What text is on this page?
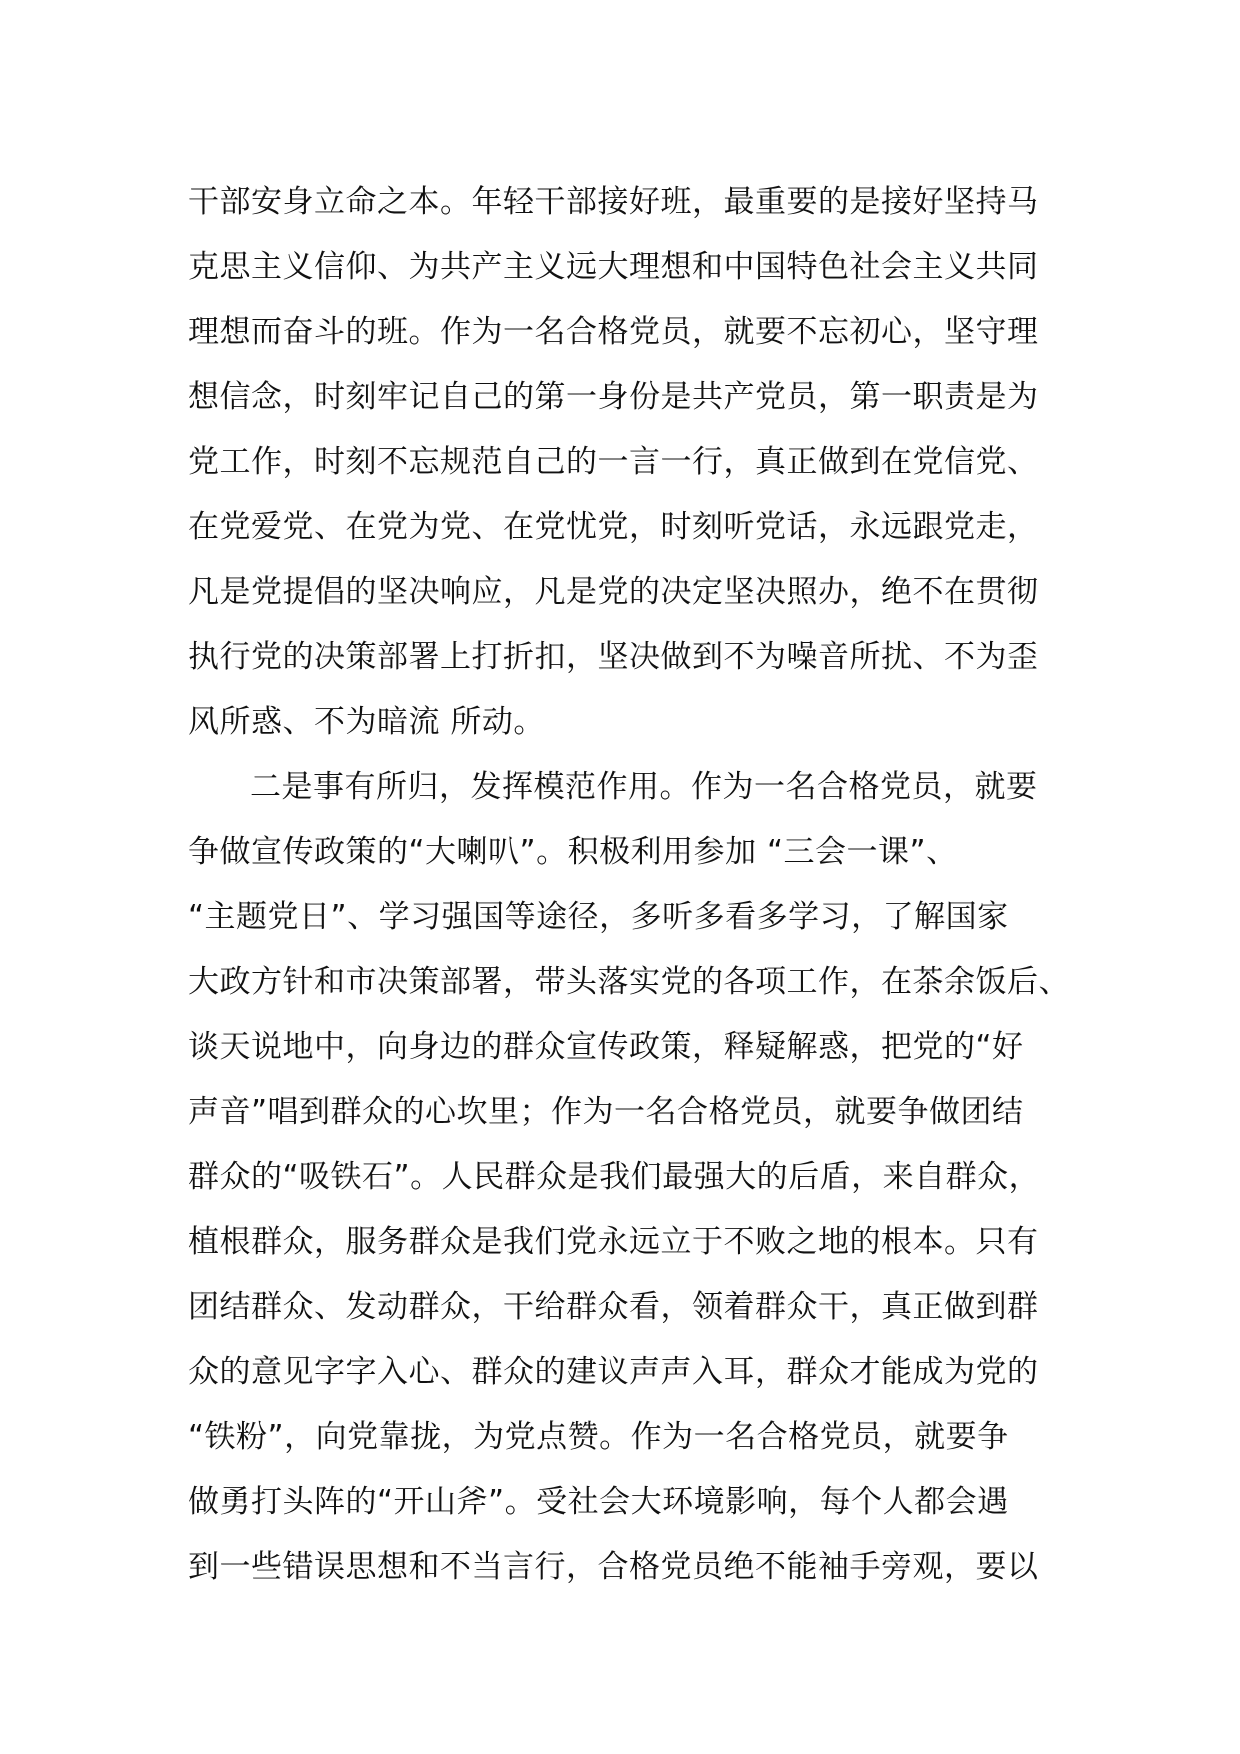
干部安身立命之本。年轻干部接好班，最重要的是接好坚持马
克思主义信仰、为共产主义远大理想和中国特色社会主义共同
理想而奋斗的班。作为一名合格党员，就要不忘初心，坚守理
想信念，时刻牢记自己的第一身份是共产党员，第一职责是为
党工作，时刻不忘规范自己的一言一行，真正做到在党信党、
在党爱党、在党为党、在党忧党，时刻听党话，永远跟党走，
凡是党提倡的坚决响应，凡是党的决定坚决照办，绝不在贯彻
执行党的决策部署上打折扣，坚决做到不为噪音所扰、不为歪
风所惑、不为暗流 所动。
二是事有所归，发挥模范作用。作为一名合格党员，就要
争做宣传政策的“大喇叭”。积极利用参加 “三会一课”、
“主题党日”、学习强国等途径，多听多看多学习，了解国家
大政方针和市决策部署，带头落实党的各项工作，在茶余饭后、
谈天说地中，向身边的群众宣传政策，释疑解惑，把党的“好
声音”唱到群众的心坎里；作为一名合格党员，就要争做团结
群众的“吸铁石”。人民群众是我们最强大的后盾，来自群众，
植根群众，服务群众是我们党永远立于不败之地的根本。只有
团结群众、发动群众，干给群众看，领着群众干，真正做到群
众的意见字字入心、群众的建议声声入耳，群众才能成为党的
“铁粉”，向党靠拢，为党点赞。作为一名合格党员，就要争
做勇打头阵的“开山斧”。受社会大环境影响，每个人都会遇
到一些错误思想和不当言行，合格党员绝不能袖手旁观，要以
